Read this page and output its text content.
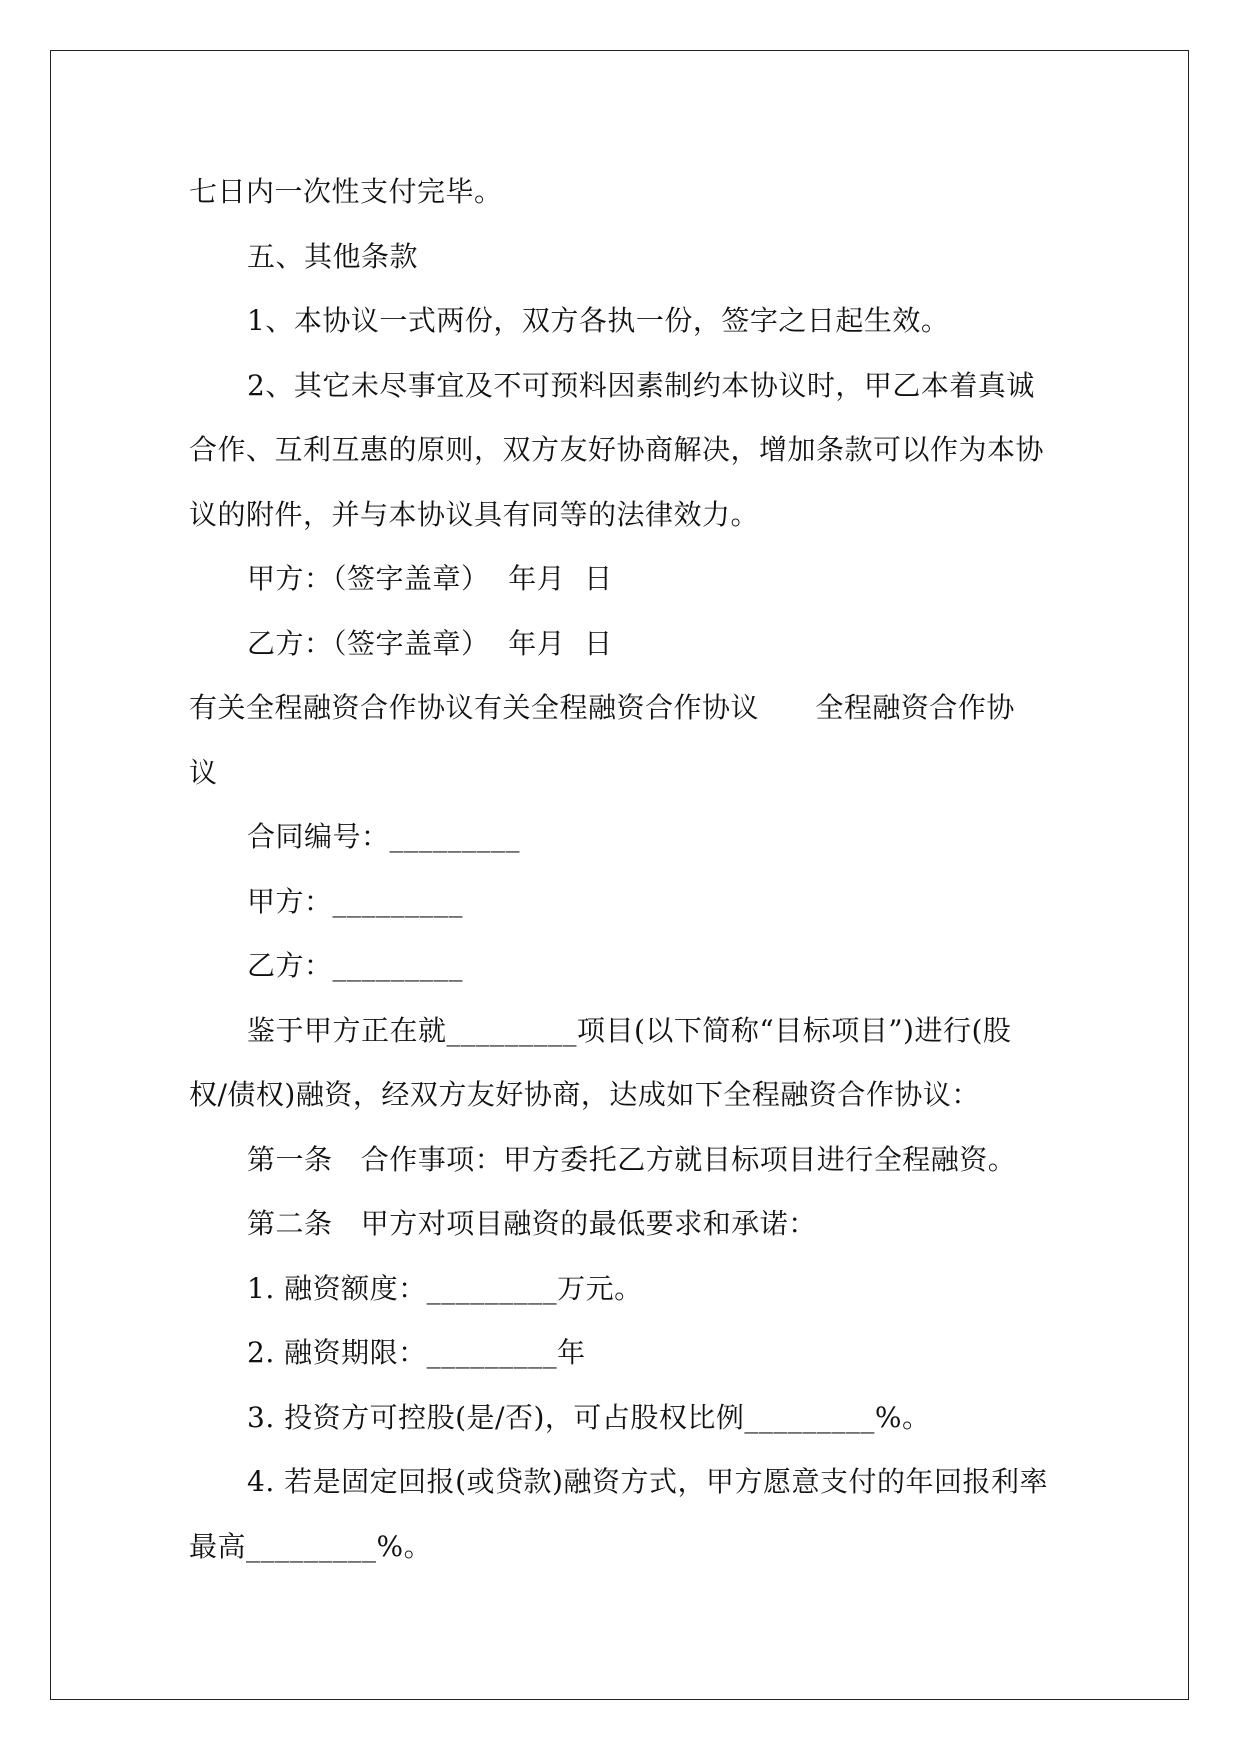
七日内一次性支付完毕。
五、其他条款
1、本协议一式两份，双方各执一份，签字之日起生效。
2、其它未尽事宜及不可预料因素制约本协议时，甲乙本着真诚
合作、互利互惠的原则，双方友好协商解决，增加条款可以作为本协
议的附件，并与本协议具有同等的法律效力。
甲方：（签字盖章）  年月  日
乙方：（签字盖章）  年月  日
有关全程融资合作协议有关全程融资合作协议      全程融资合作协
议
合同编号：_________
甲方：_________
乙方：_________
鉴于甲方正在就_________项目(以下简称“目标项目”)进行(股
权/债权)融资，经双方友好协商，达成如下全程融资合作协议：
第一条   合作事项：甲方委托乙方就目标项目进行全程融资。
第二条   甲方对项目融资的最低要求和承诺：
1. 融资额度：_________万元。
2. 融资期限：_________年
3. 投资方可控股(是/否)，可占股权比例_________%。
4. 若是固定回报(或贷款)融资方式，甲方愿意支付的年回报利率
最高_________%。
